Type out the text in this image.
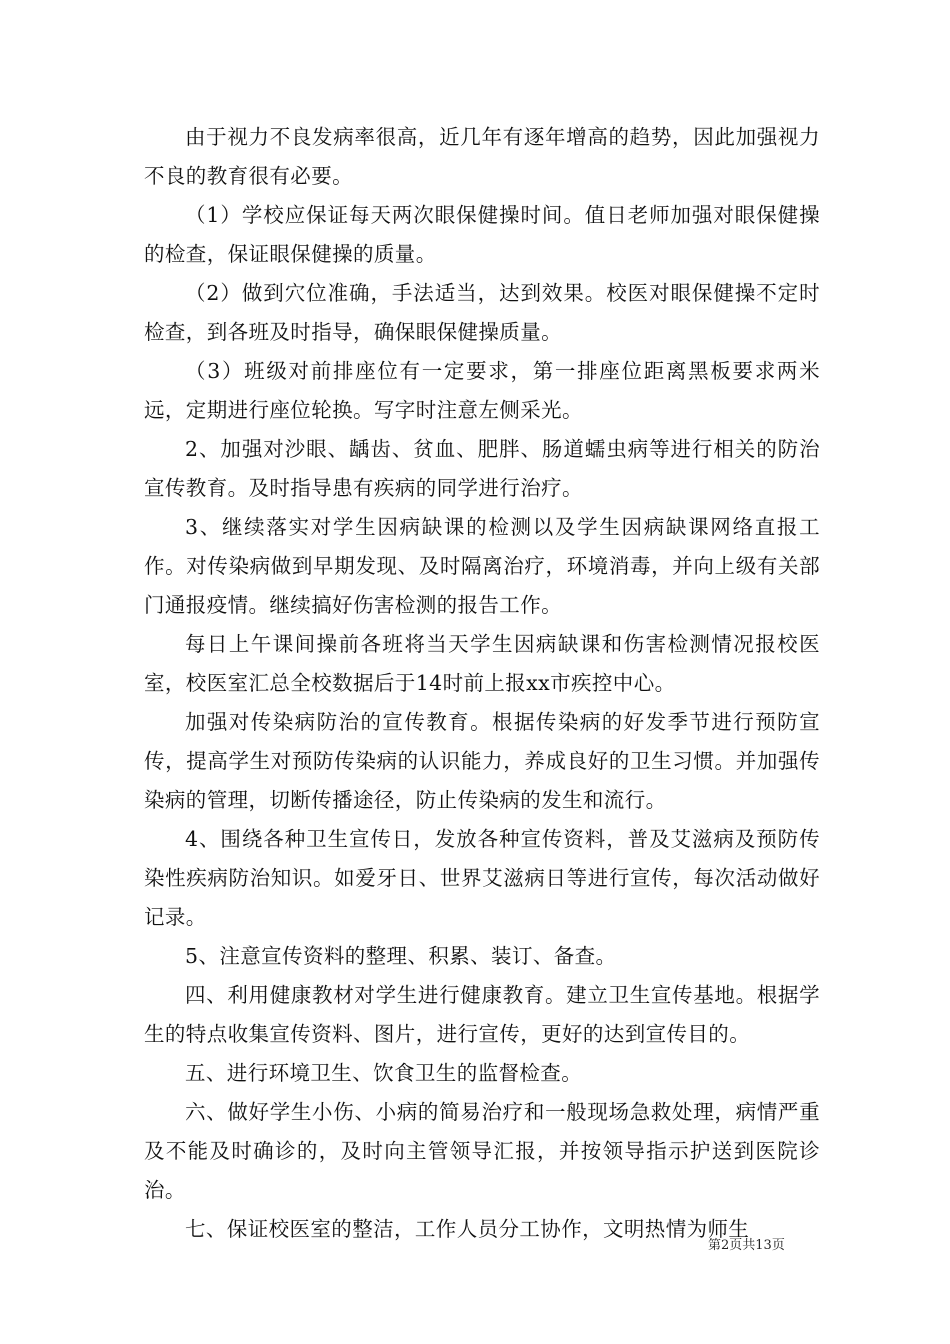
由于视力不良发病率很高，近几年有逐年增高的趋势，因此加强视力不良的教育很有必要。

（1）学校应保证每天两次眼保健操时间。值日老师加强对眼保健操的检查，保证眼保健操的质量。

（2）做到穴位准确，手法适当，达到效果。校医对眼保健操不定时检查，到各班及时指导，确保眼保健操质量。

（3）班级对前排座位有一定要求，第一排座位距离黑板要求两米远，定期进行座位轮换。写字时注意左侧采光。

2、加强对沙眼、龋齿、贫血、肥胖、肠道蠕虫病等进行相关的防治宣传教育。及时指导患有疾病的同学进行治疗。

3、继续落实对学生因病缺课的检测以及学生因病缺课网络直报工作。对传染病做到早期发现、及时隔离治疗，环境消毒，并向上级有关部门通报疫情。继续搞好伤害检测的报告工作。

每日上午课间操前各班将当天学生因病缺课和伤害检测情况报校医室，校医室汇总全校数据后于14时前上报xx市疾控中心。

加强对传染病防治的宣传教育。根据传染病的好发季节进行预防宣传，提高学生对预防传染病的认识能力，养成良好的卫生习惯。并加强传染病的管理，切断传播途径，防止传染病的发生和流行。

4、围绕各种卫生宣传日，发放各种宣传资料，普及艾滋病及预防传染性疾病防治知识。如爱牙日、世界艾滋病日等进行宣传，每次活动做好记录。

5、注意宣传资料的整理、积累、装订、备查。

四、利用健康教材对学生进行健康教育。建立卫生宣传基地。根据学生的特点收集宣传资料、图片，进行宣传，更好的达到宣传目的。

五、进行环境卫生、饮食卫生的监督检查。

六、做好学生小伤、小病的简易治疗和一般现场急救处理，病情严重及不能及时确诊的，及时向主管领导汇报，并按领导指示护送到医院诊治。

七、保证校医室的整洁，工作人员分工协作，文明热情为师生

第2页共13页
